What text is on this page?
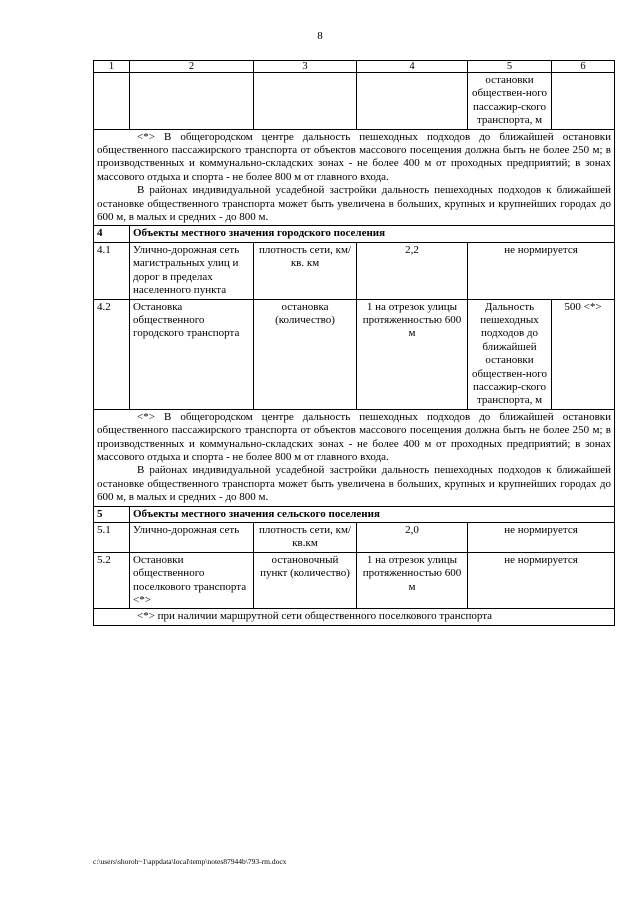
8
1	2	3	4	5	6
				остановки обществен-ного пассажир-ского транспорта, м	

<*> В общегородском центре дальность пешеходных подходов до ближайшей остановки общественного пассажирского транспорта от объектов массового посещения должна быть не более 250 м; в производственных и коммунально-складских зонах - не более 400 м от проходных предприятий; в зонах массового отдыха и спорта - не более 800 м от главного входа.

В районах индивидуальной усадебной застройки дальность пешеходных подходов к ближайшей остановке общественного транспорта может быть увеличена в больших, крупных и крупнейших городах до 600 м, в малых и средних - до 800 м.					

4	Объекты местного значения городского поселения				
4.1	Улично-дорожная сеть магистральных улиц и дорог в пределах населенного пункта	плотность сети, км/кв. км	2,2	не нормируется	
4.2	Остановка общественного городского транспорта	остановка (количество)	1 на отрезок улицы протяженностью 600 м	Дальность пешеходных подходов до ближайшей остановки обществен-ного пассажир-ского транспорта, м	500 <*>

<*> В общегородском центре дальность пешеходных подходов до ближайшей остановки общественного пассажирского транспорта от объектов массового посещения должна быть не более 250 м; в производственных и коммунально-складских зонах - не более 400 м от проходных предприятий; в зонах массового отдыха и спорта - не более 800 м от главного входа.

В районах индивидуальной усадебной застройки дальность пешеходных подходов к ближайшей остановке общественного транспорта может быть увеличена в больших, крупных и крупнейших городах до 600 м, в малых и средних - до 800 м.					

5	Объекты местного значения сельского поселения				
5.1	Улично-дорожная сеть	плотность сети, км/кв.км	2,0	не нормируется	
5.2	Остановки общественного поселкового транспорта <*>	остановочный пункт (количество)	1 на отрезок улицы протяженностью 600 м	не нормируется	

<*> при наличии маршрутной сети общественного поселкового транспорта					

c:\users\shoroh~1\appdata\local\temp\notes87944b\793-rm.docx
